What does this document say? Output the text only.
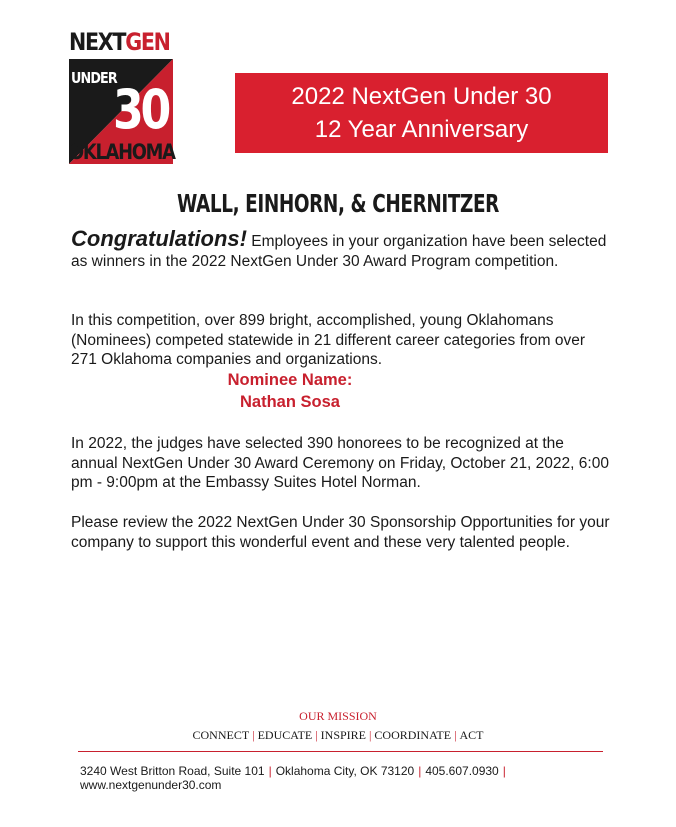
NEXTGEN
UNDER
30
OKLAHOMA
2022 NextGen Under 30
12 Year Anniversary
WALL, EINHORN, & CHERNITZER
Congratulations! Employees in your organization have been selected as winners in the 2022 NextGen Under 30 Award Program competition.
In this competition, over 899 bright, accomplished, young Oklahomans (Nominees) competed statewide in 21 different career categories from over 271 Oklahoma companies and organizations.
Nominee Name:
Nathan Sosa
In 2022, the judges have selected 390 honorees to be recognized at the annual NextGen Under 30 Award Ceremony on Friday, October 21, 2022, 6:00 pm - 9:00pm at the Embassy Suites Hotel Norman.
Please review the 2022 NextGen Under 30 Sponsorship Opportunities for your company to support this wonderful event and these very talented people.
OUR MISSION
CONNECT | EDUCATE | INSPIRE | COORDINATE | ACT
3240 West Britton Road, Suite 101 | Oklahoma City, OK 73120 | 405.607.0930 |
www.nextgenunder30.com
